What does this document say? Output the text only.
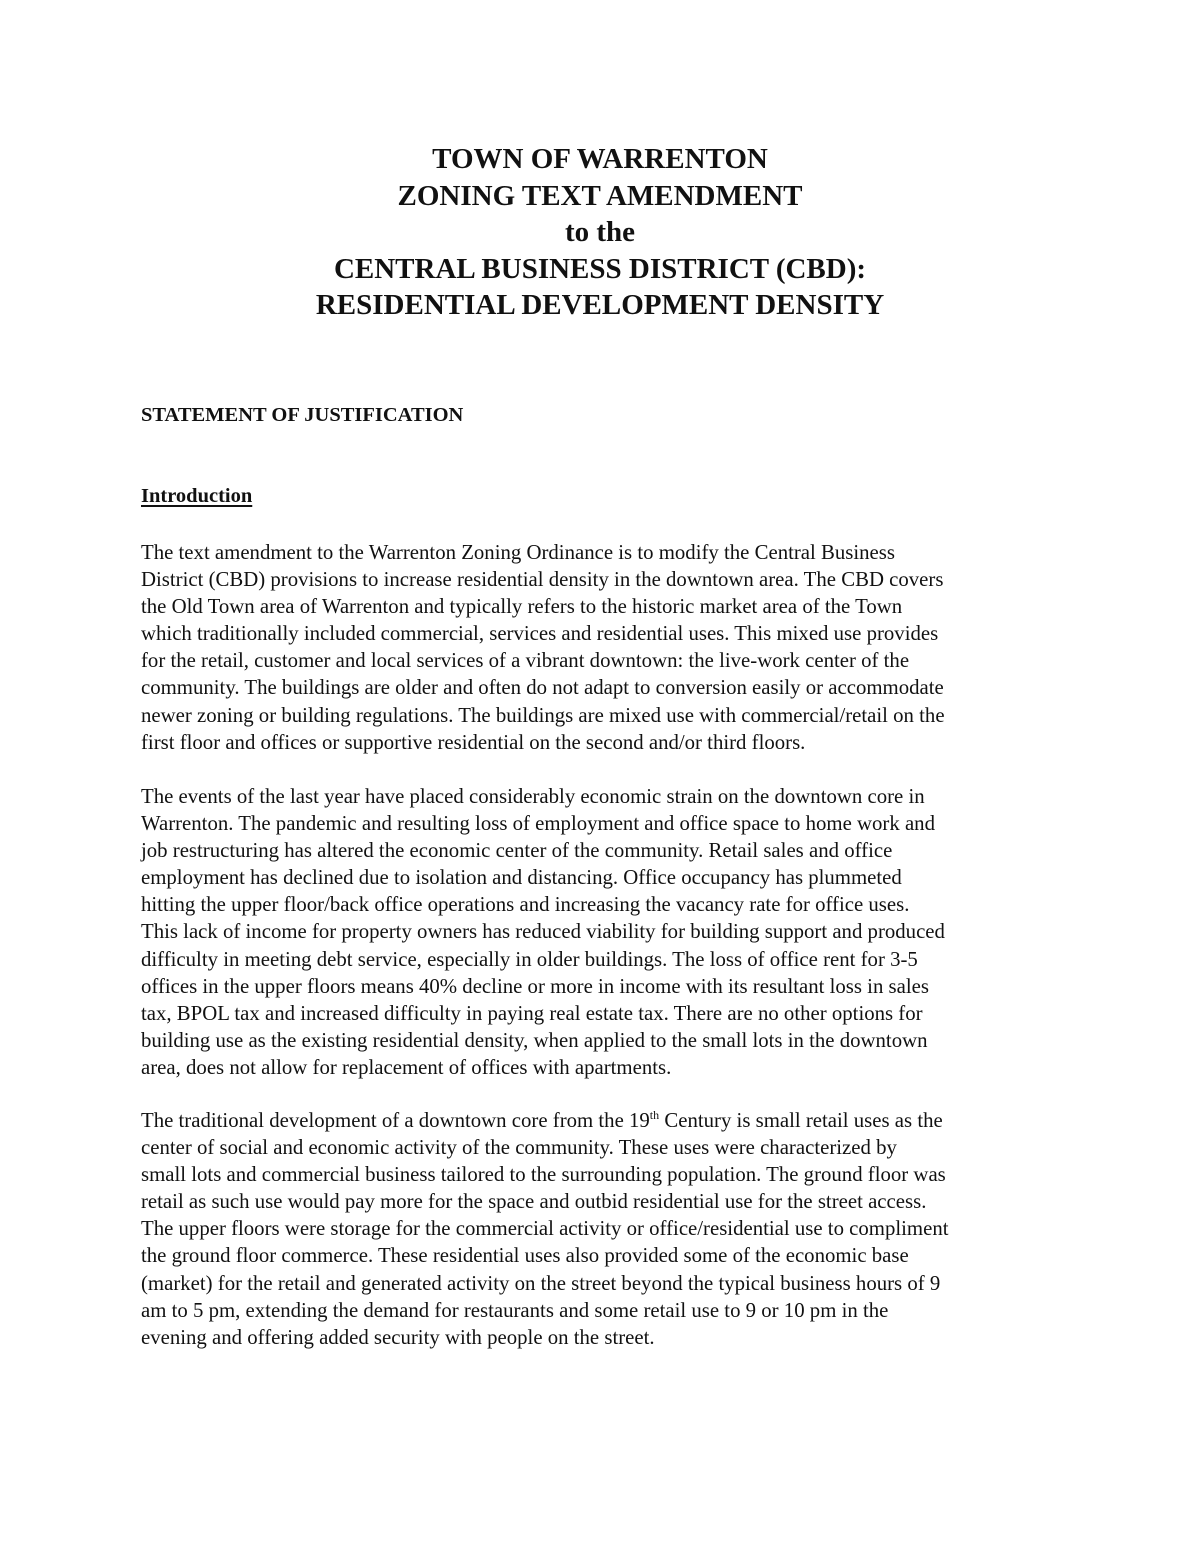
TOWN OF WARRENTON
ZONING TEXT AMENDMENT
to the
CENTRAL BUSINESS DISTRICT (CBD):
RESIDENTIAL DEVELOPMENT DENSITY
STATEMENT OF JUSTIFICATION
Introduction
The text amendment to the Warrenton Zoning Ordinance is to modify the Central Business
District (CBD) provisions to increase residential density in the downtown area. The CBD covers
the Old Town area of Warrenton and typically refers to the historic market area of the Town
which traditionally included commercial, services and residential uses. This mixed use provides
for the retail, customer and local services of a vibrant downtown: the live-work center of the
community. The buildings are older and often do not adapt to conversion easily or accommodate
newer zoning or building regulations. The buildings are mixed use with commercial/retail on the
first floor and offices or supportive residential on the second and/or third floors.
The events of the last year have placed considerably economic strain on the downtown core in
Warrenton. The pandemic and resulting loss of employment and office space to home work and
job restructuring has altered the economic center of the community. Retail sales and office
employment has declined due to isolation and distancing. Office occupancy has plummeted
hitting the upper floor/back office operations and increasing the vacancy rate for office uses.
This lack of income for property owners has reduced viability for building support and produced
difficulty in meeting debt service, especially in older buildings. The loss of office rent for 3-5
offices in the upper floors means 40% decline or more in income with its resultant loss in sales
tax, BPOL tax and increased difficulty in paying real estate tax. There are no other options for
building use as the existing residential density, when applied to the small lots in the downtown
area, does not allow for replacement of offices with apartments.
The traditional development of a downtown core from the 19th Century is small retail uses as the
center of social and economic activity of the community. These uses were characterized by
small lots and commercial business tailored to the surrounding population. The ground floor was
retail as such use would pay more for the space and outbid residential use for the street access.
The upper floors were storage for the commercial activity or office/residential use to compliment
the ground floor commerce. These residential uses also provided some of the economic base
(market) for the retail and generated activity on the street beyond the typical business hours of 9
am to 5 pm, extending the demand for restaurants and some retail use to 9 or 10 pm in the
evening and offering added security with people on the street.
